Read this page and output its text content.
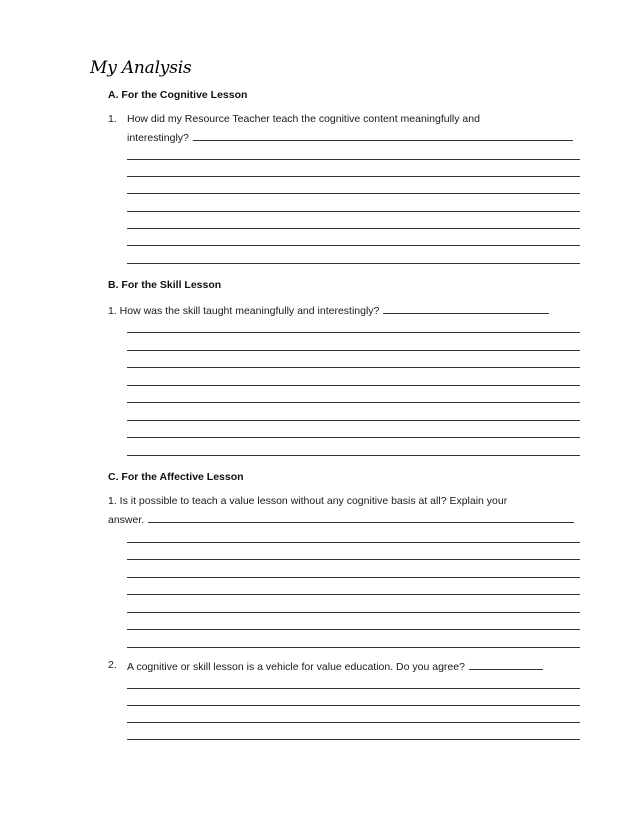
My Analysis
A. For the Cognitive Lesson
1. How did my Resource Teacher teach the cognitive content meaningfully and
interestingly?
B. For the Skill Lesson
1. How was the skill taught meaningfully and interestingly?
C. For the Affective Lesson
1. Is it possible to teach a value lesson without any cognitive basis at all? Explain your
answer.
2. A cognitive or skill lesson is a vehicle for value education. Do you agree?
